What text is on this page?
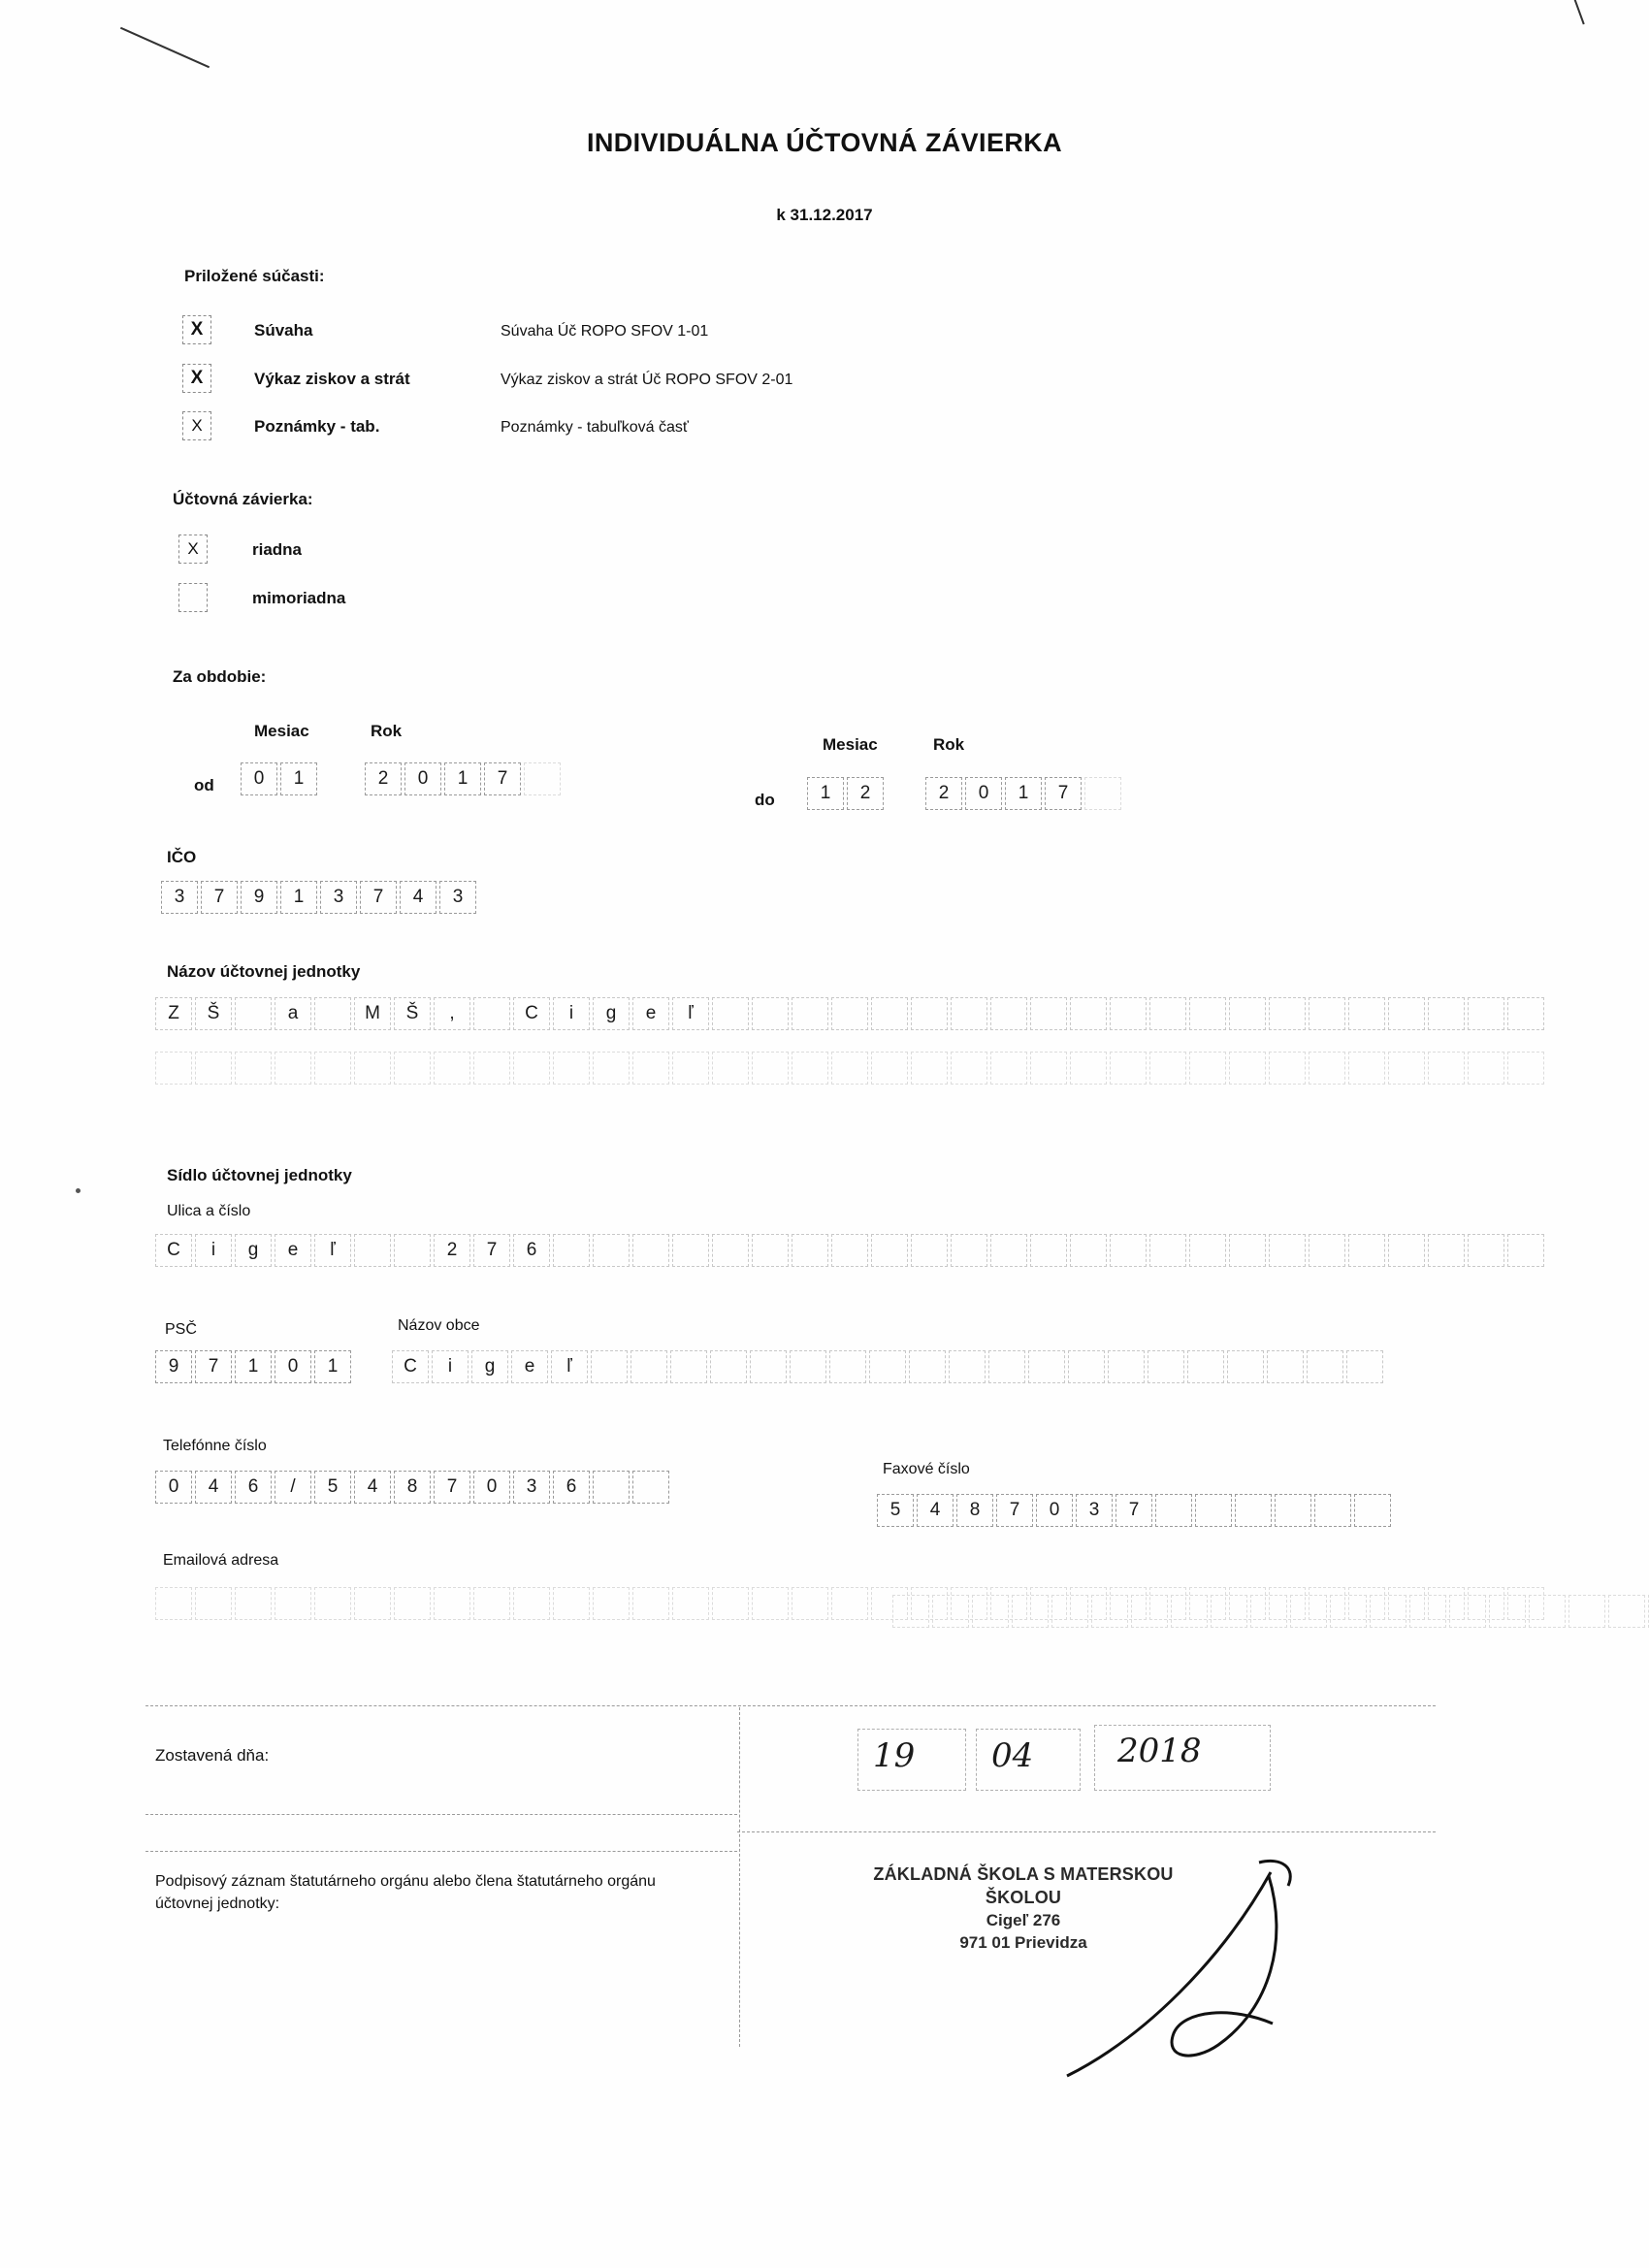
INDIVIDUÁLNA ÚČTOVNÁ ZÁVIERKA
k 31.12.2017
Priložené súčasti:
X	Súvaha	Súvaha Úč ROPO SFOV 1-01
X	Výkaz ziskov a strát	Výkaz ziskov a strát Úč ROPO SFOV 2-01
X	Poznámky - tab.	Poznámky - tabuľková časť
Účtovná závierka:
X	riadna
mimoriadna
Za obdobie:
Mesiac	Rok
od	0	1	2	0	1	7
Mesiac	Rok
do	1	2	2	0	1	7
IČO
3	7	9	1	3	7	4	3
Názov účtovnej jednotky
Z	Š	a	M	Š	,	C	i	g	e	ľ
Sídlo účtovnej jednotky
Ulica a číslo
C	i	g	e	ľ	2	7	6
PSČ
9	7	1	0	1
Názov obce
C	i	g	e	ľ
Telefónne číslo
0	4	6	/	5	4	8	7	0	3	6
Faxové číslo
5	4	8	7	0	3	7
Emailová adresa
Zostavená dňa:	19 04	2018
Podpisový záznam štatutárneho orgánu alebo člena štatutárneho orgánu účtovnej jednotky:
ZÁKLADNÁ ŠKOLA S MATERSKOU ŠKOLOU
Cigeľ 276
971 01 Prievidza
